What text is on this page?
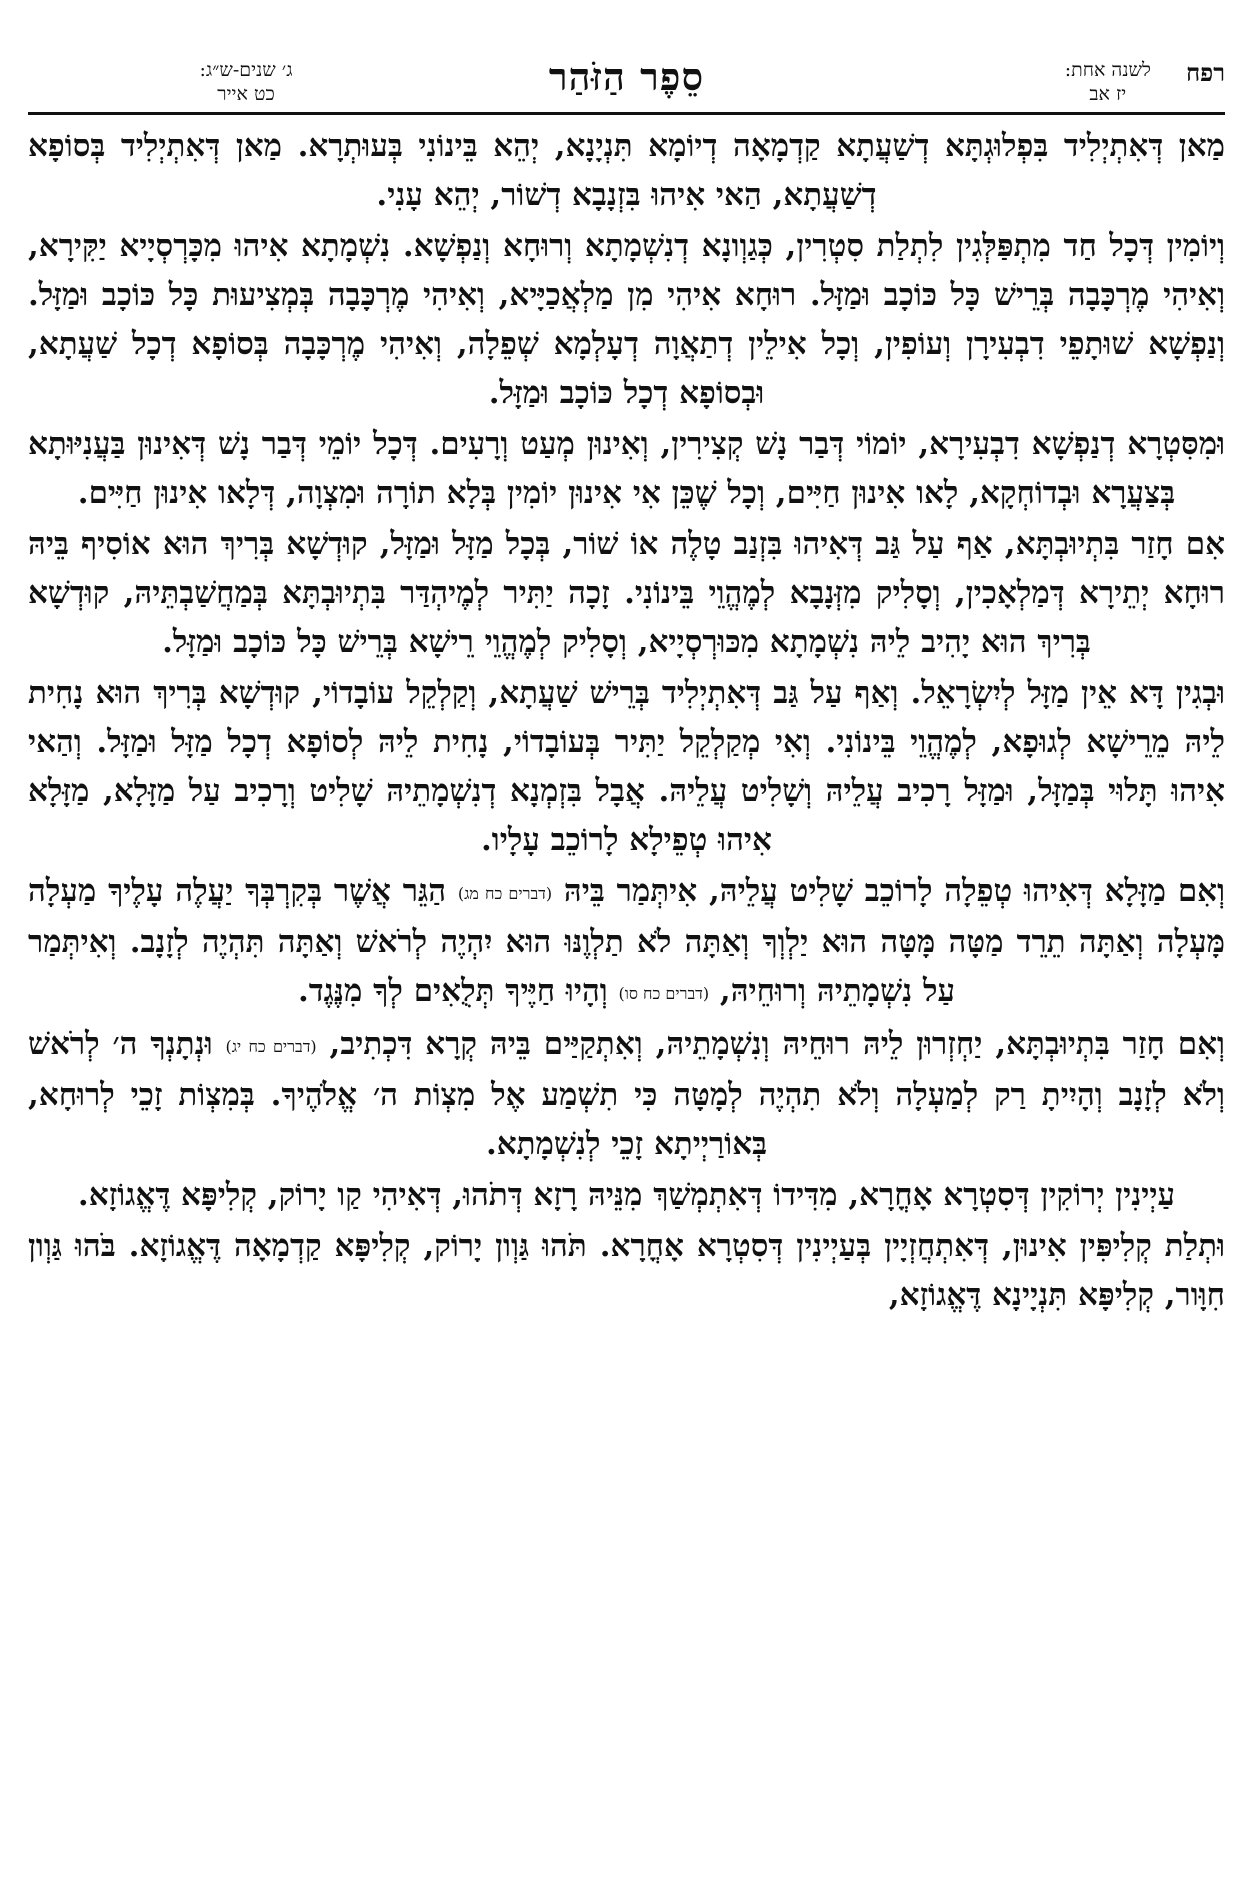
רפח
לשנה אחת:
יז אב
סֵפֶר הַזֹּהַר
ג׳ שנים-ש״ג:
כט אייר

מַאן דְּאִתְיְלִיד בִּפְלוּגְתָּא דְשַׁעֲתָא קַדְמָאָה דְיוֹמָא תִּנְיָנָא, יְהֵא בֵּינוֹנִי בְּעוּתְרָא. מַאן דְּאִתְיְלִיד בְּסוֹפָא דְשַׁעֲתָא, הַאי אִיהוּ בִּזְנָבָא דְשׁוֹר, יְהֵא עָנִי.

וְיוֹמִין דְּכָל חַד מִתְפַּלְּגִין לִתְלַת סִטְרִין, כְּגַוְונָא דְנִשְׁמָתָא וְרוּחָא וְנַפְשָׁא. נִשְׁמָתָא אִיהוּ מִכָּרְסְיָיא יַקִּירָא, וְאִיהִי מֶרְכָּבָה בְּרֵישׁ כָּל כּוֹכָב וּמַזָּל. רוּחָא אִיהִי מִן מַלְאֲכַיָּיא, וְאִיהִי מֶרְכָּבָה בְּמְצִיעוּת כָּל כּוֹכָב וּמַזָּל. וְנַפְשָׁא שׁוּתָפֵי דִבְעִירָן וְעוֹפִין, וְכָל אִילֵין דְתַאֲוָה דְעָלְמָא שְׁפֵלָה, וְאִיהִי מֶרְכָּבָה בְּסוֹפָא דְכָל שַׁעֲתָא, וּבְסוֹפָא דְכָל כּוֹכָב וּמַזָּל.

וּמִסִּטְרָא דְנַפְשָׁא דִבְעִירָא, יוֹמוֹי דְּבַר נָשׁ קְצִירִין, וְאִינוּן מְעַט וְרָעִים. דְּכָל יוֹמֵי דְּבַר נָשׁ דְּאִינוּן בַּעֲנִיּוּתָא בְּצַעֲרָא וּבְדוֹחְקָא, לָאו אִינוּן חַיִּים, וְכָל שֶׁכֵּן אִי אִינוּן יוֹמִין בְּלָא תוֹרָה וּמִצְוָה, דְּלָאו אִינוּן חַיִּים.

אִם חָזַר בִּתְיוּבְתָּא, אַף עַל גַּב דְּאִיהוּ בִּזְנַב טָלֶה אוֹ שׁוֹר, בְּכָל מַזָּל וּמַזָּל, קוּדְשָׁא בְּרִיךְ הוּא אוֹסִיף בֵּיהּ רוּחָא יְתֵירָא דְּמַלְאָכִין, וְסָלִיק מִזְּנָבָא לְמֶהֱוֵי בֵּינוֹנִי. זָכָה יַתִּיר לְמֶיהְדַּר בִּתְיוּבְתָּא בְּמַחֲשַׁבְתֵּיהּ, קוּדְשָׁא בְּרִיךְ הוּא יָהִיב לֵיהּ נִשְׁמָתָא מִכּוּרְסְיָיא, וְסָלִיק לְמֶהֱוֵי רֵישָׁא בְּרֵישׁ כָּל כּוֹכָב וּמַזָּל.

וּבְגִין דָּא אֵין מַזָּל לְיִשְׂרָאֵל. וְאַף עַל גַּב דְּאִתְיְלִיד בְּרֵישׁ שַׁעֲתָא, וְקַלְקֵל עוֹבָדוֹי, קוּדְשָׁא בְּרִיךְ הוּא נָחִית לֵיהּ מֵרֵישָׁא לְגוּפָא, לְמֶהֱוֵי בֵּינוֹנִי. וְאִי מְקַלְקֵל יַתִּיר בְּעוֹבָדוֹי, נָחִית לֵיהּ לְסוֹפָא דְכָל מַזָּל וּמַזָּל. וְהַאי אִיהוּ תָּלוּי בְּמַזָּל, וּמַזָּל רָכִיב עֲלֵיהּ וְשָׁלִיט עֲלֵיהּ. אֲבָל בִּזְמְנָא דְנִשְׁמָתֵיהּ שָׁלִיט וְרָכִיב עַל מַזָּלָא, מַזָּלָא אִיהוּ טְפֵילָא לָרוֹכֵב עָלָיו.

וְאִם מַזָּלָא דְּאִיהוּ טְפֵלָה לָרוֹכֵב שָׁלִיט עֲלֵיהּ, אִיתְּמַר בֵּיהּ (דברים כח מג) הַגֵּר אֲשֶׁר בְּקִרְבְּךָ יַעֲלֶה עָלֶיךָ מַעְלָה מָּעְלָה וְאַתָּה תֵרֵד מַטָּה מָּטָּה הוּא יַלְוְךָ וְאַתָּה לֹא תַלְוֶנּוּ הוּא יִהְיֶה לְרֹאשׁ וְאַתָּה תִּהְיֶה לְזָנָב. וְאִיתְּמַר עַל נִשְׁמָתֵיהּ וְרוּחֵיהּ, (דברים כח סו) וְהָיוּ חַיֶּיךָ תְּלֻאִים לְךָ מִנֶּגֶד.

וְאִם חָזַר בִּתְיוּבְתָּא, יַחְזְרוּן לֵיהּ רוּחֵיהּ וְנִשְׁמָתֵיהּ, וְאִתְקַיַּים בֵּיהּ קְרָא דִּכְתִיב, (דברים כח יג) וּנְתָנְךָ ה׳ לְרֹאשׁ וְלֹא לְזָנָב וְהָיִיתָ רַק לְמַעְלָה וְלֹא תִהְיֶה לְמָטָּה כִּי תִשְׁמַע אֶל מִצְוֹת ה׳ אֱלֹהֶיךָ. בְּמִצְוֹת זָכֵי לְרוּחָא, בְּאוֹרַיְיתָא זָכֵי לְנִשְׁמָתָא.

עַיְינִין יְרוֹקִין דְּסִטְרָא אָחֳרָא, מִדִּידוֹ דְּאִתְמְשַׁךְ מִנֵּיהּ רָזָא דְּתֹהוּ, דְּאִיהִי קַו יָרוֹק, קְלִיפָּא דֶּאֱגוֹזָא.

וּתְלַת קְלִיפִּין אִינוּן, דְּאִתְחֲזְיָין בְּעַיְינִין דְּסִטְרָא אָחֳרָא. תֹּהוּ גַּוְון יָרוֹק, קְלִיפָּא קַדְמָאָה דֶּאֱגוֹזָא. בֹּהוּ גַּוְון חִוָּור, קְלִיפָּא תִּנְיָינָא דֶּאֱגוֹזָא,
